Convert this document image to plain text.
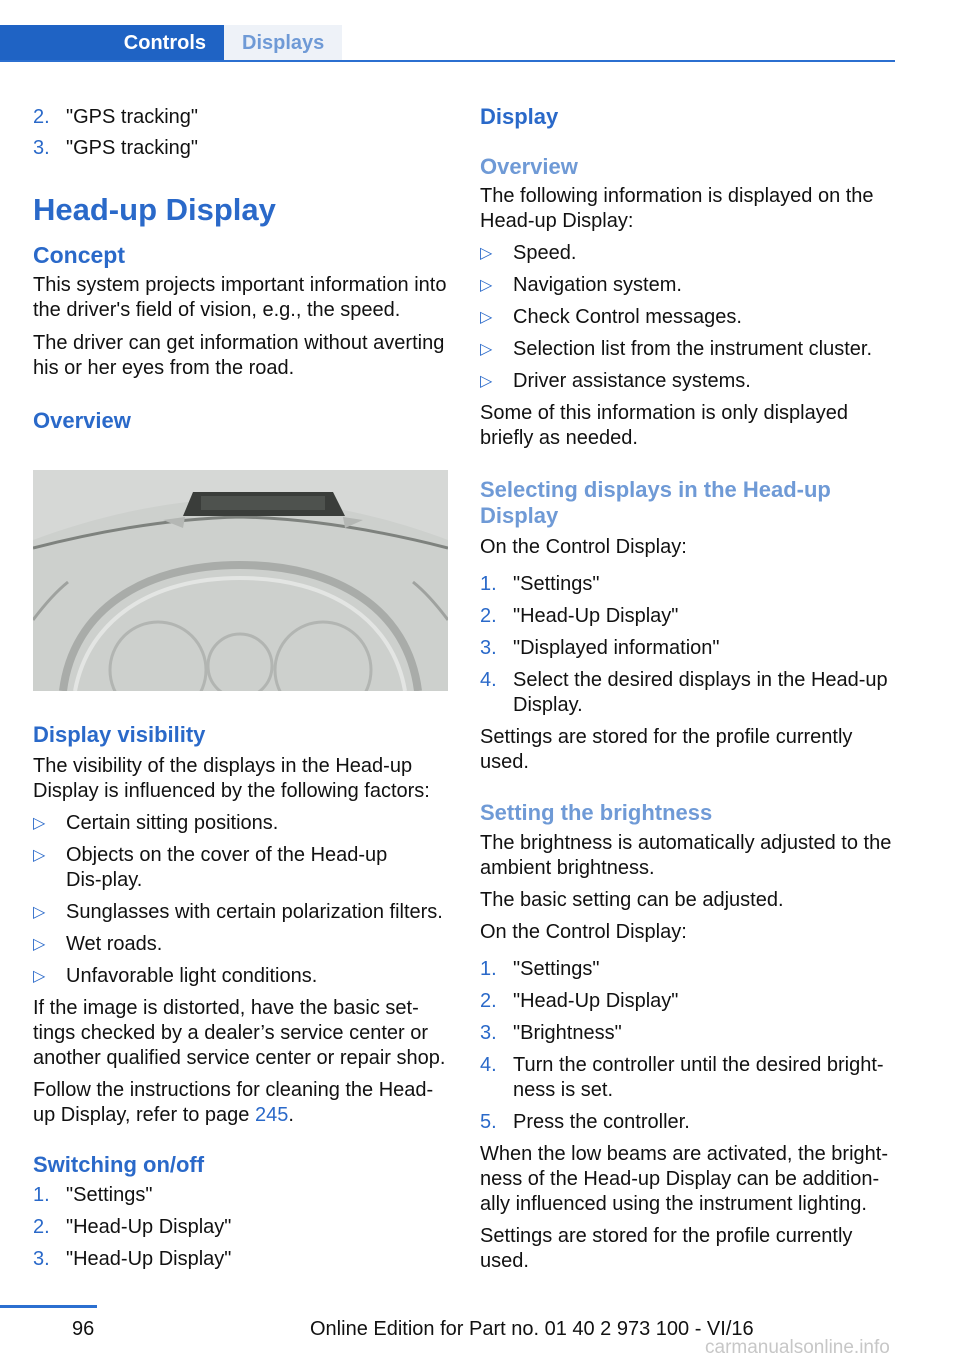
Controls	Displays
2. "GPS tracking"
3. "GPS tracking"
Head-up Display
Concept

This system projects important information into the driver's field of vision, e.g., the speed.

The driver can get information without averting his or her eyes from the road.

Overview
Display visibility

The visibility of the displays in the Head-up Display is influenced by the following factors:

▷	Certain sitting positions.
▷	Objects on the cover of the Head-up Dis-play.
▷	Sunglasses with certain polarization filters.
▷	Wet roads.
▷	Unfavorable light conditions.

If the image is distorted, have the basic set-tings checked by a dealer’s service center or another qualified service center or repair shop.

Follow the instructions for cleaning the Head-up Display, refer to page 245.

Switching on/off
1. "Settings"
2. "Head-Up Display"
3. "Head-Up Display"
Display
Overview

The following information is displayed on the Head-up Display:

▷	Speed.
▷	Navigation system.
▷	Check Control messages.
▷	Selection list from the instrument cluster.
▷	Driver assistance systems.

Some of this information is only displayed briefly as needed.

Selecting displays in the Head-up Display

On the Control Display:

1. "Settings"
2. "Head-Up Display"
3. "Displayed information"
4. Select the desired displays in the Head-up Display.

Settings are stored for the profile currently used.

Setting the brightness

The brightness is automatically adjusted to the ambient brightness.

The basic setting can be adjusted.

On the Control Display:

1. "Settings"
2. "Head-Up Display"
3. "Brightness"
4. Turn the controller until the desired bright-ness is set.
5. Press the controller.

When the low beams are activated, the bright-ness of the Head-up Display can be addition-ally influenced using the instrument lighting.

Settings are stored for the profile currently used.

96	Online Edition for Part no. 01 40 2 973 100 - VI/16
carmanualsonline.info
